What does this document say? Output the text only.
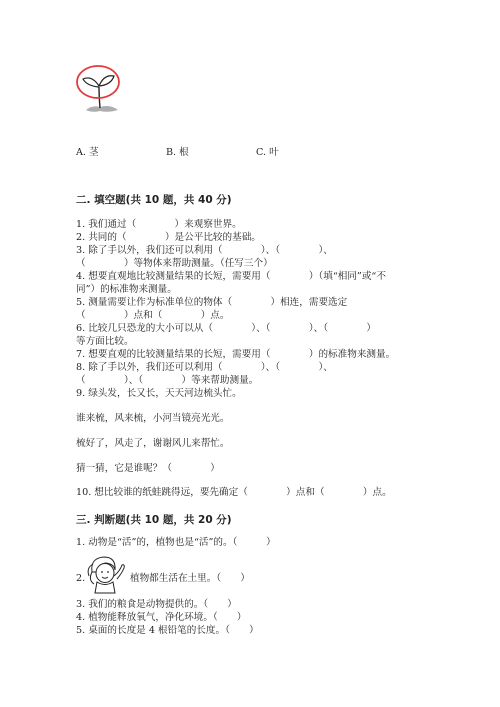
A. 茎	B. 根	C. 叶
二. 填空题(共 10 题，共 40 分)
1. 我们通过（　　　　）来观察世界。
2. 共同的（　　　　）是公平比较的基础。
3. 除了手以外，我们还可以利用（　　　　）、（　　　　）、
（　　　　）等物体来帮助测量。（任写三个）
4. 想要直观地比较测量结果的长短，需要用（　　　　）（填“相同”或“不
同”）的标准物来测量。
5. 测量需要让作为标准单位的物体（　　　　）相连，需要选定
（　　　　）点和（　　　　）点。
6. 比较几只恐龙的大小可以从（　　　　）、（　　　　）、（　　　　）
等方面比较。
7. 想要直观的比较测量结果的长短，需要用（　　　　）的标准物来测量。
8. 除了手以外，我们还可以利用（　　　　）、（　　　　）、
（　　　　）、（　　　　）等来帮助测量。
9. 绿头发，长又长，天天河边梳头忙。
谁来梳，风来梳，小河当镜亮光光。
梳好了，风走了，谢谢风儿来帮忙。
猜一猜，它是谁呢？（　　　　）
10. 想比较谁的纸蛙跳得远，要先确定（　　　　）点和（　　　　）点。
三. 判断题(共 10 题，共 20 分)
1. 动物是“活”的，植物也是“活”的。（　　　）
2.	植物都生活在土里。（　　）
3. 我们的粮食是动物提供的。（　　）
4. 植物能释放氧气，净化环境。（　　）
5. 桌面的长度是 4 根铅笔的长度。（　　）
